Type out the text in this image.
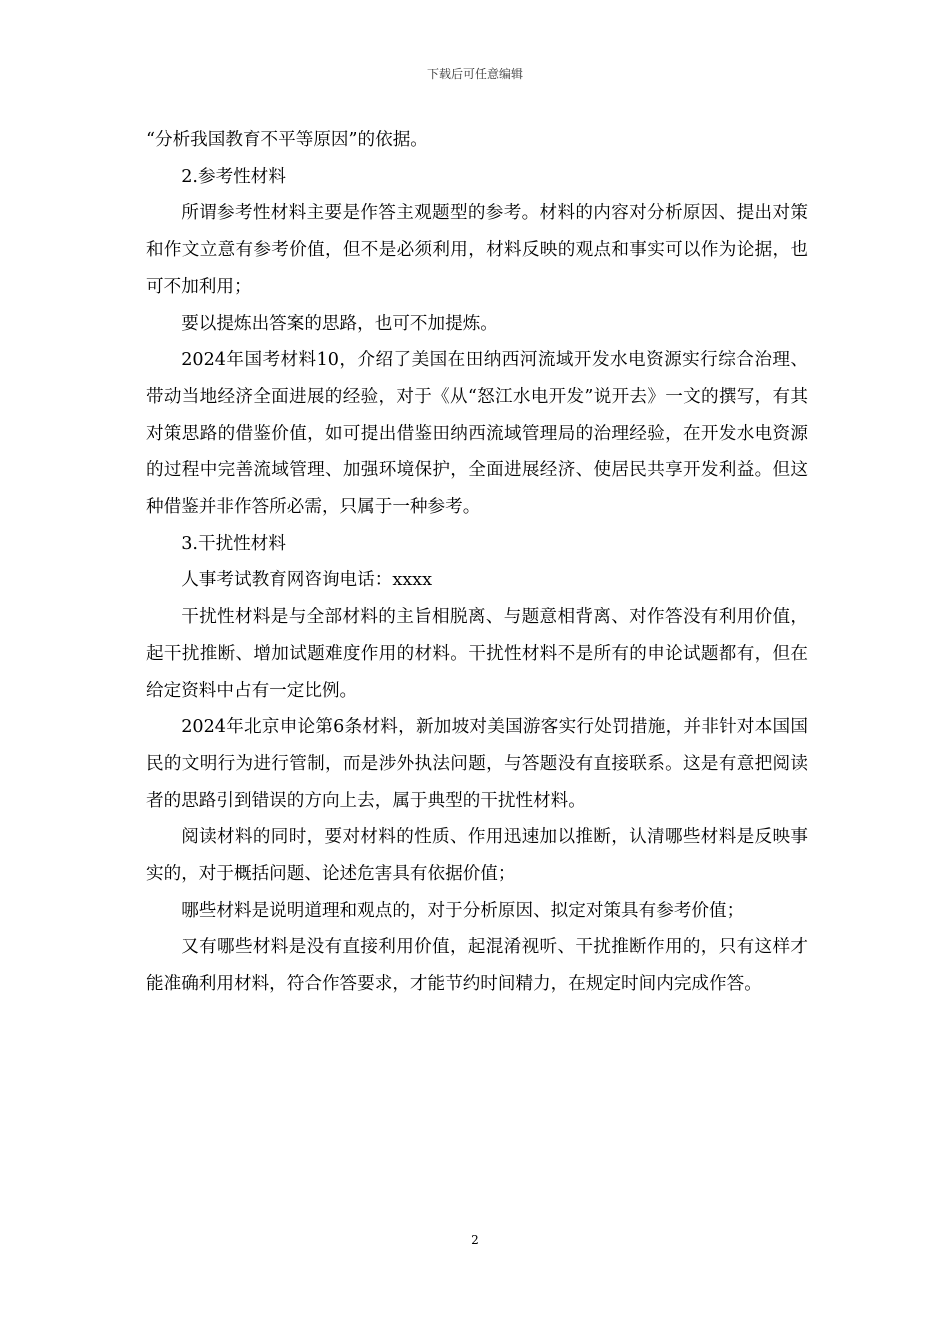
下载后可任意编辑

“分析我国教育不平等原因”的依据。

2.参考性材料

所谓参考性材料主要是作答主观题型的参考。材料的内容对分析原因、提出对策和作文立意有参考价值，但不是必须利用，材料反映的观点和事实可以作为论据，也可不加利用；

要以提炼出答案的思路，也可不加提炼。

2024年国考材料10，介绍了美国在田纳西河流域开发水电资源实行综合治理、带动当地经济全面进展的经验，对于《从“怒江水电开发”说开去》一文的撰写，有其对策思路的借鉴价值，如可提出借鉴田纳西流域管理局的治理经验，在开发水电资源的过程中完善流域管理、加强环境保护，全面进展经济、使居民共享开发利益。但这种借鉴并非作答所必需，只属于一种参考。

3.干扰性材料

人事考试教育网咨询电话：xxxx

干扰性材料是与全部材料的主旨相脱离、与题意相背离、对作答没有利用价值，起干扰推断、增加试题难度作用的材料。干扰性材料不是所有的申论试题都有，但在给定资料中占有一定比例。

2024年北京申论第6条材料，新加坡对美国游客实行处罚措施，并非针对本国国民的文明行为进行管制，而是涉外执法问题，与答题没有直接联系。这是有意把阅读者的思路引到错误的方向上去，属于典型的干扰性材料。

阅读材料的同时，要对材料的性质、作用迅速加以推断，认清哪些材料是反映事实的，对于概括问题、论述危害具有依据价值；

哪些材料是说明道理和观点的，对于分析原因、拟定对策具有参考价值；

又有哪些材料是没有直接利用价值，起混淆视听、干扰推断作用的，只有这样才能准确利用材料，符合作答要求，才能节约时间精力，在规定时间内完成作答。

2
